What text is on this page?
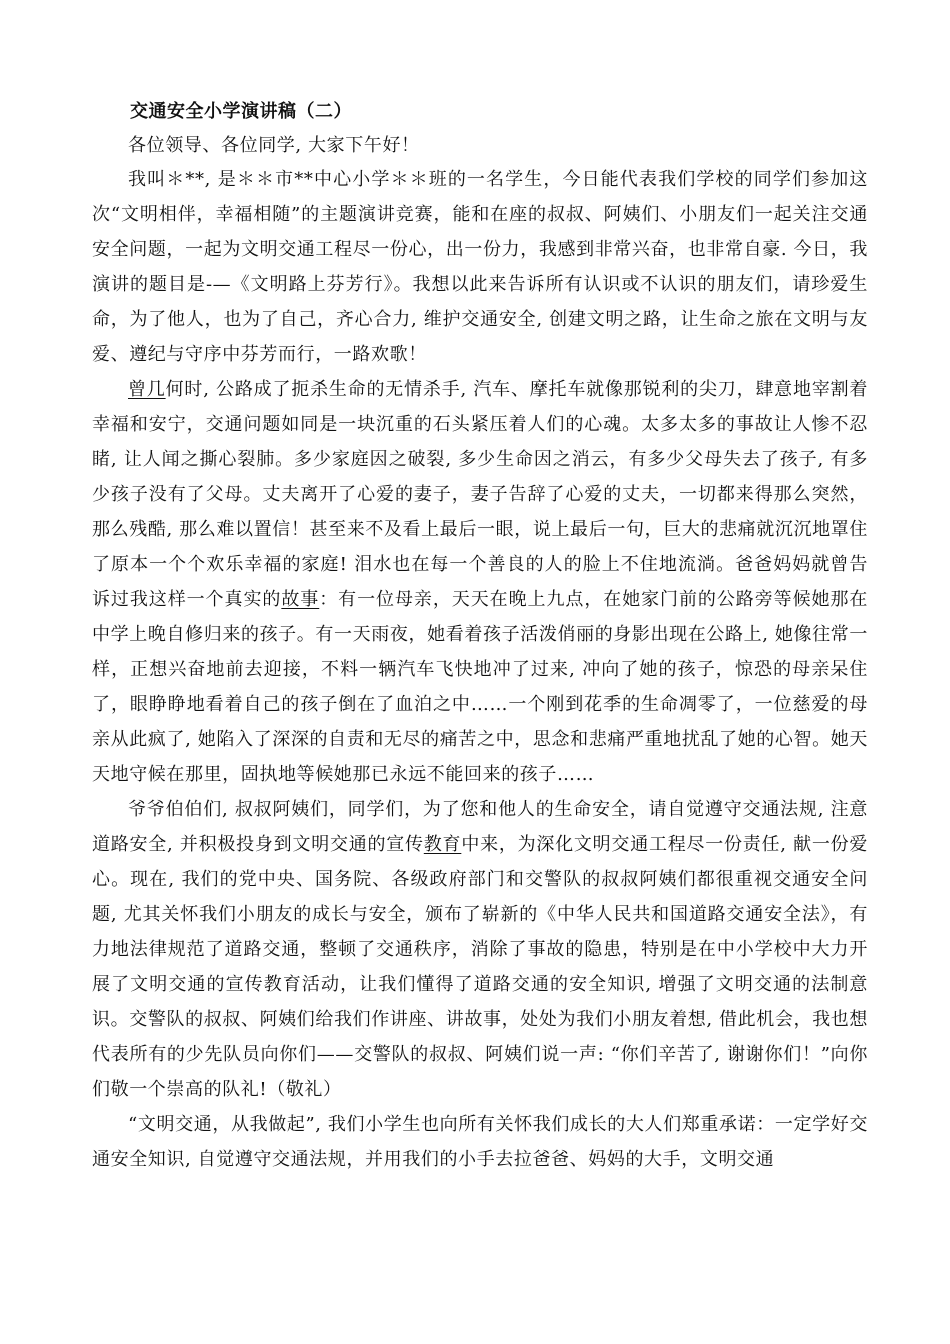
交通安全小学演讲稿（二）

各位领导、各位同学, 大家下午好！

我叫＊**, 是＊＊市**中心小学＊＊班的一名学生，今日能代表我们学校的同学们参加这次“文明相伴，幸福相随”的主题演讲竞赛，能和在座的叔叔、阿姨们、小朋友们一起关注交通安全问题，一起为文明交通工程尽一份心，出一份力，我感到非常兴奋，也非常自豪. 今日，我演讲的题目是-—《文明路上芬芳行》。我想以此来告诉所有认识或不认识的朋友们，请珍爱生命，为了他人，也为了自己，齐心合力, 维护交通安全, 创建文明之路，让生命之旅在文明与友爱、遵纪与守序中芬芳而行，一路欢歌！

曾几何时, 公路成了扼杀生命的无情杀手, 汽车、摩托车就像那锐利的尖刀，肆意地宰割着幸福和安宁，交通问题如同是一块沉重的石头紧压着人们的心魂。太多太多的事故让人惨不忍睹, 让人闻之撕心裂肺。多少家庭因之破裂, 多少生命因之消云，有多少父母失去了孩子, 有多少孩子没有了父母。丈夫离开了心爱的妻子，妻子告辞了心爱的丈夫，一切都来得那么突然，那么残酷, 那么难以置信！甚至来不及看上最后一眼，说上最后一句，巨大的悲痛就沉沉地罩住了原本一个个欢乐幸福的家庭! 泪水也在每一个善良的人的脸上不住地流淌。爸爸妈妈就曾告诉过我这样一个真实的故事：有一位母亲，天天在晚上九点，在她家门前的公路旁等候她那在中学上晚自修归来的孩子。有一天雨夜，她看着孩子活泼俏丽的身影出现在公路上, 她像往常一样，正想兴奋地前去迎接，不料一辆汽车飞快地冲了过来, 冲向了她的孩子，惊恐的母亲呆住了，眼睁睁地看着自己的孩子倒在了血泊之中……一个刚到花季的生命凋零了，一位慈爱的母亲从此疯了, 她陷入了深深的自责和无尽的痛苦之中，思念和悲痛严重地扰乱了她的心智。她天天地守候在那里，固执地等候她那已永远不能回来的孩子……

爷爷伯伯们, 叔叔阿姨们，同学们，为了您和他人的生命安全，请自觉遵守交通法规, 注意道路安全, 并积极投身到文明交通的宣传教育中来，为深化文明交通工程尽一份责任, 献一份爱心。现在, 我们的党中央、国务院、各级政府部门和交警队的叔叔阿姨们都很重视交通安全问题, 尤其关怀我们小朋友的成长与安全，颁布了崭新的《中华人民共和国道路交通安全法》，有力地法律规范了道路交通，整顿了交通秩序，消除了事故的隐患，特别是在中小学校中大力开展了文明交通的宣传教育活动，让我们懂得了道路交通的安全知识, 增强了文明交通的法制意识。交警队的叔叔、阿姨们给我们作讲座、讲故事，处处为我们小朋友着想, 借此机会，我也想代表所有的少先队员向你们——交警队的叔叔、阿姨们说一声: “你们辛苦了, 谢谢你们！”向你们敬一个崇高的队礼!（敬礼）

“文明交通，从我做起”, 我们小学生也向所有关怀我们成长的大人们郑重承诺：一定学好交通安全知识, 自觉遵守交通法规，并用我们的小手去拉爸爸、妈妈的大手，文明交通
